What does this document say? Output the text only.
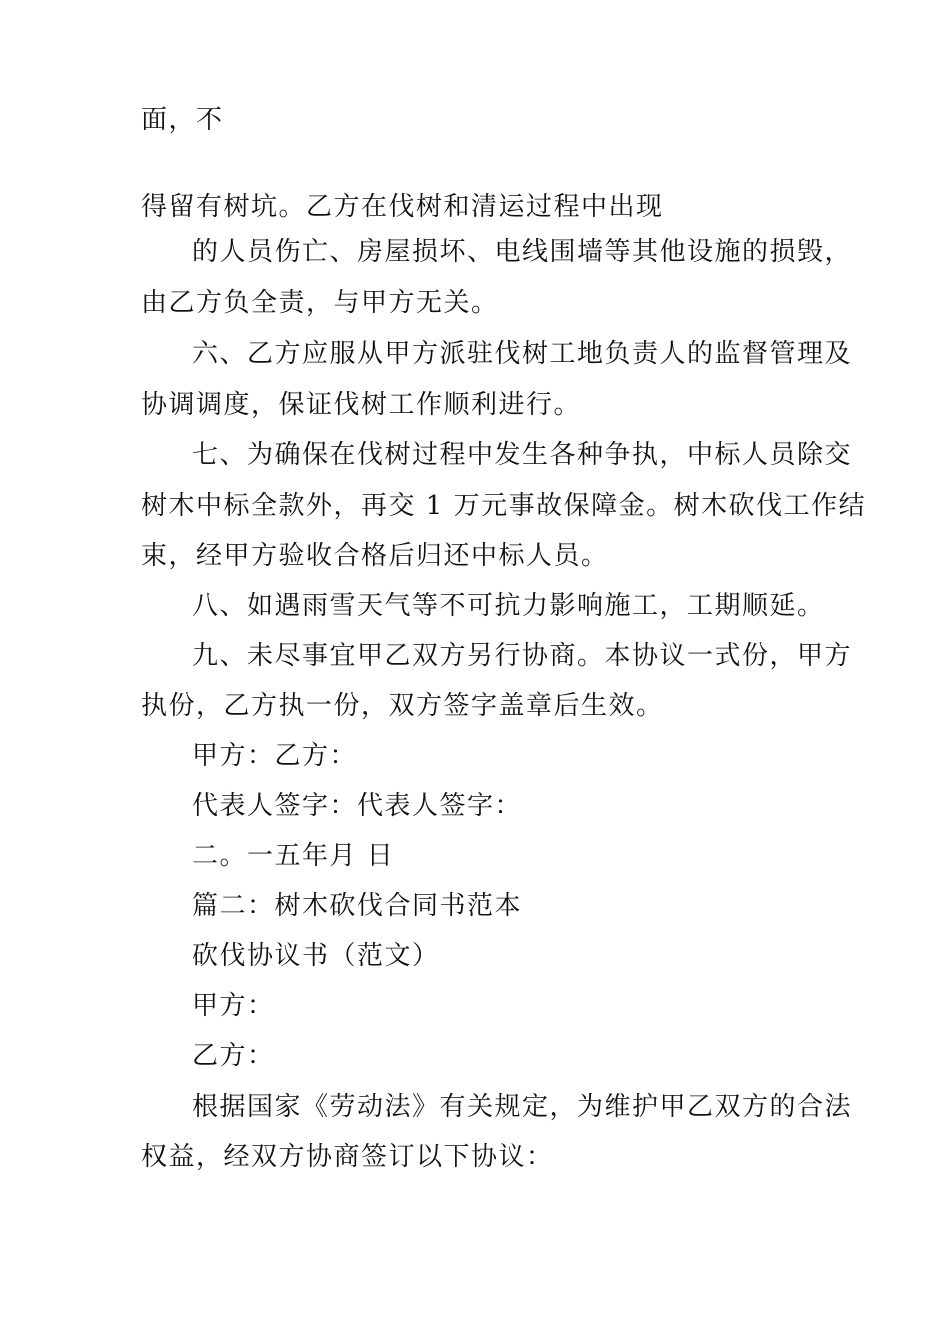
面，不
得留有树坑。乙方在伐树和清运过程中出现
的人员伤亡、房屋损坏、电线围墙等其他设施的损毁，
由乙方负全责，与甲方无关。
六、乙方应服从甲方派驻伐树工地负责人的监督管理及
协调调度，保证伐树工作顺利进行。
七、为确保在伐树过程中发生各种争执，中标人员除交
树木中标全款外，再交 1 万元事故保障金。树木砍伐工作结
束，经甲方验收合格后归还中标人员。
八、如遇雨雪天气等不可抗力影响施工，工期顺延。
九、未尽事宜甲乙双方另行协商。本协议一式份，甲方
执份，乙方执一份，双方签字盖章后生效。
甲方：乙方：
代表人签字：代表人签字：
二。一五年月 日
篇二：树木砍伐合同书范本
砍伐协议书（范文）
甲方：
乙方：
根据国家《劳动法》有关规定，为维护甲乙双方的合法
权益，经双方协商签订以下协议：
